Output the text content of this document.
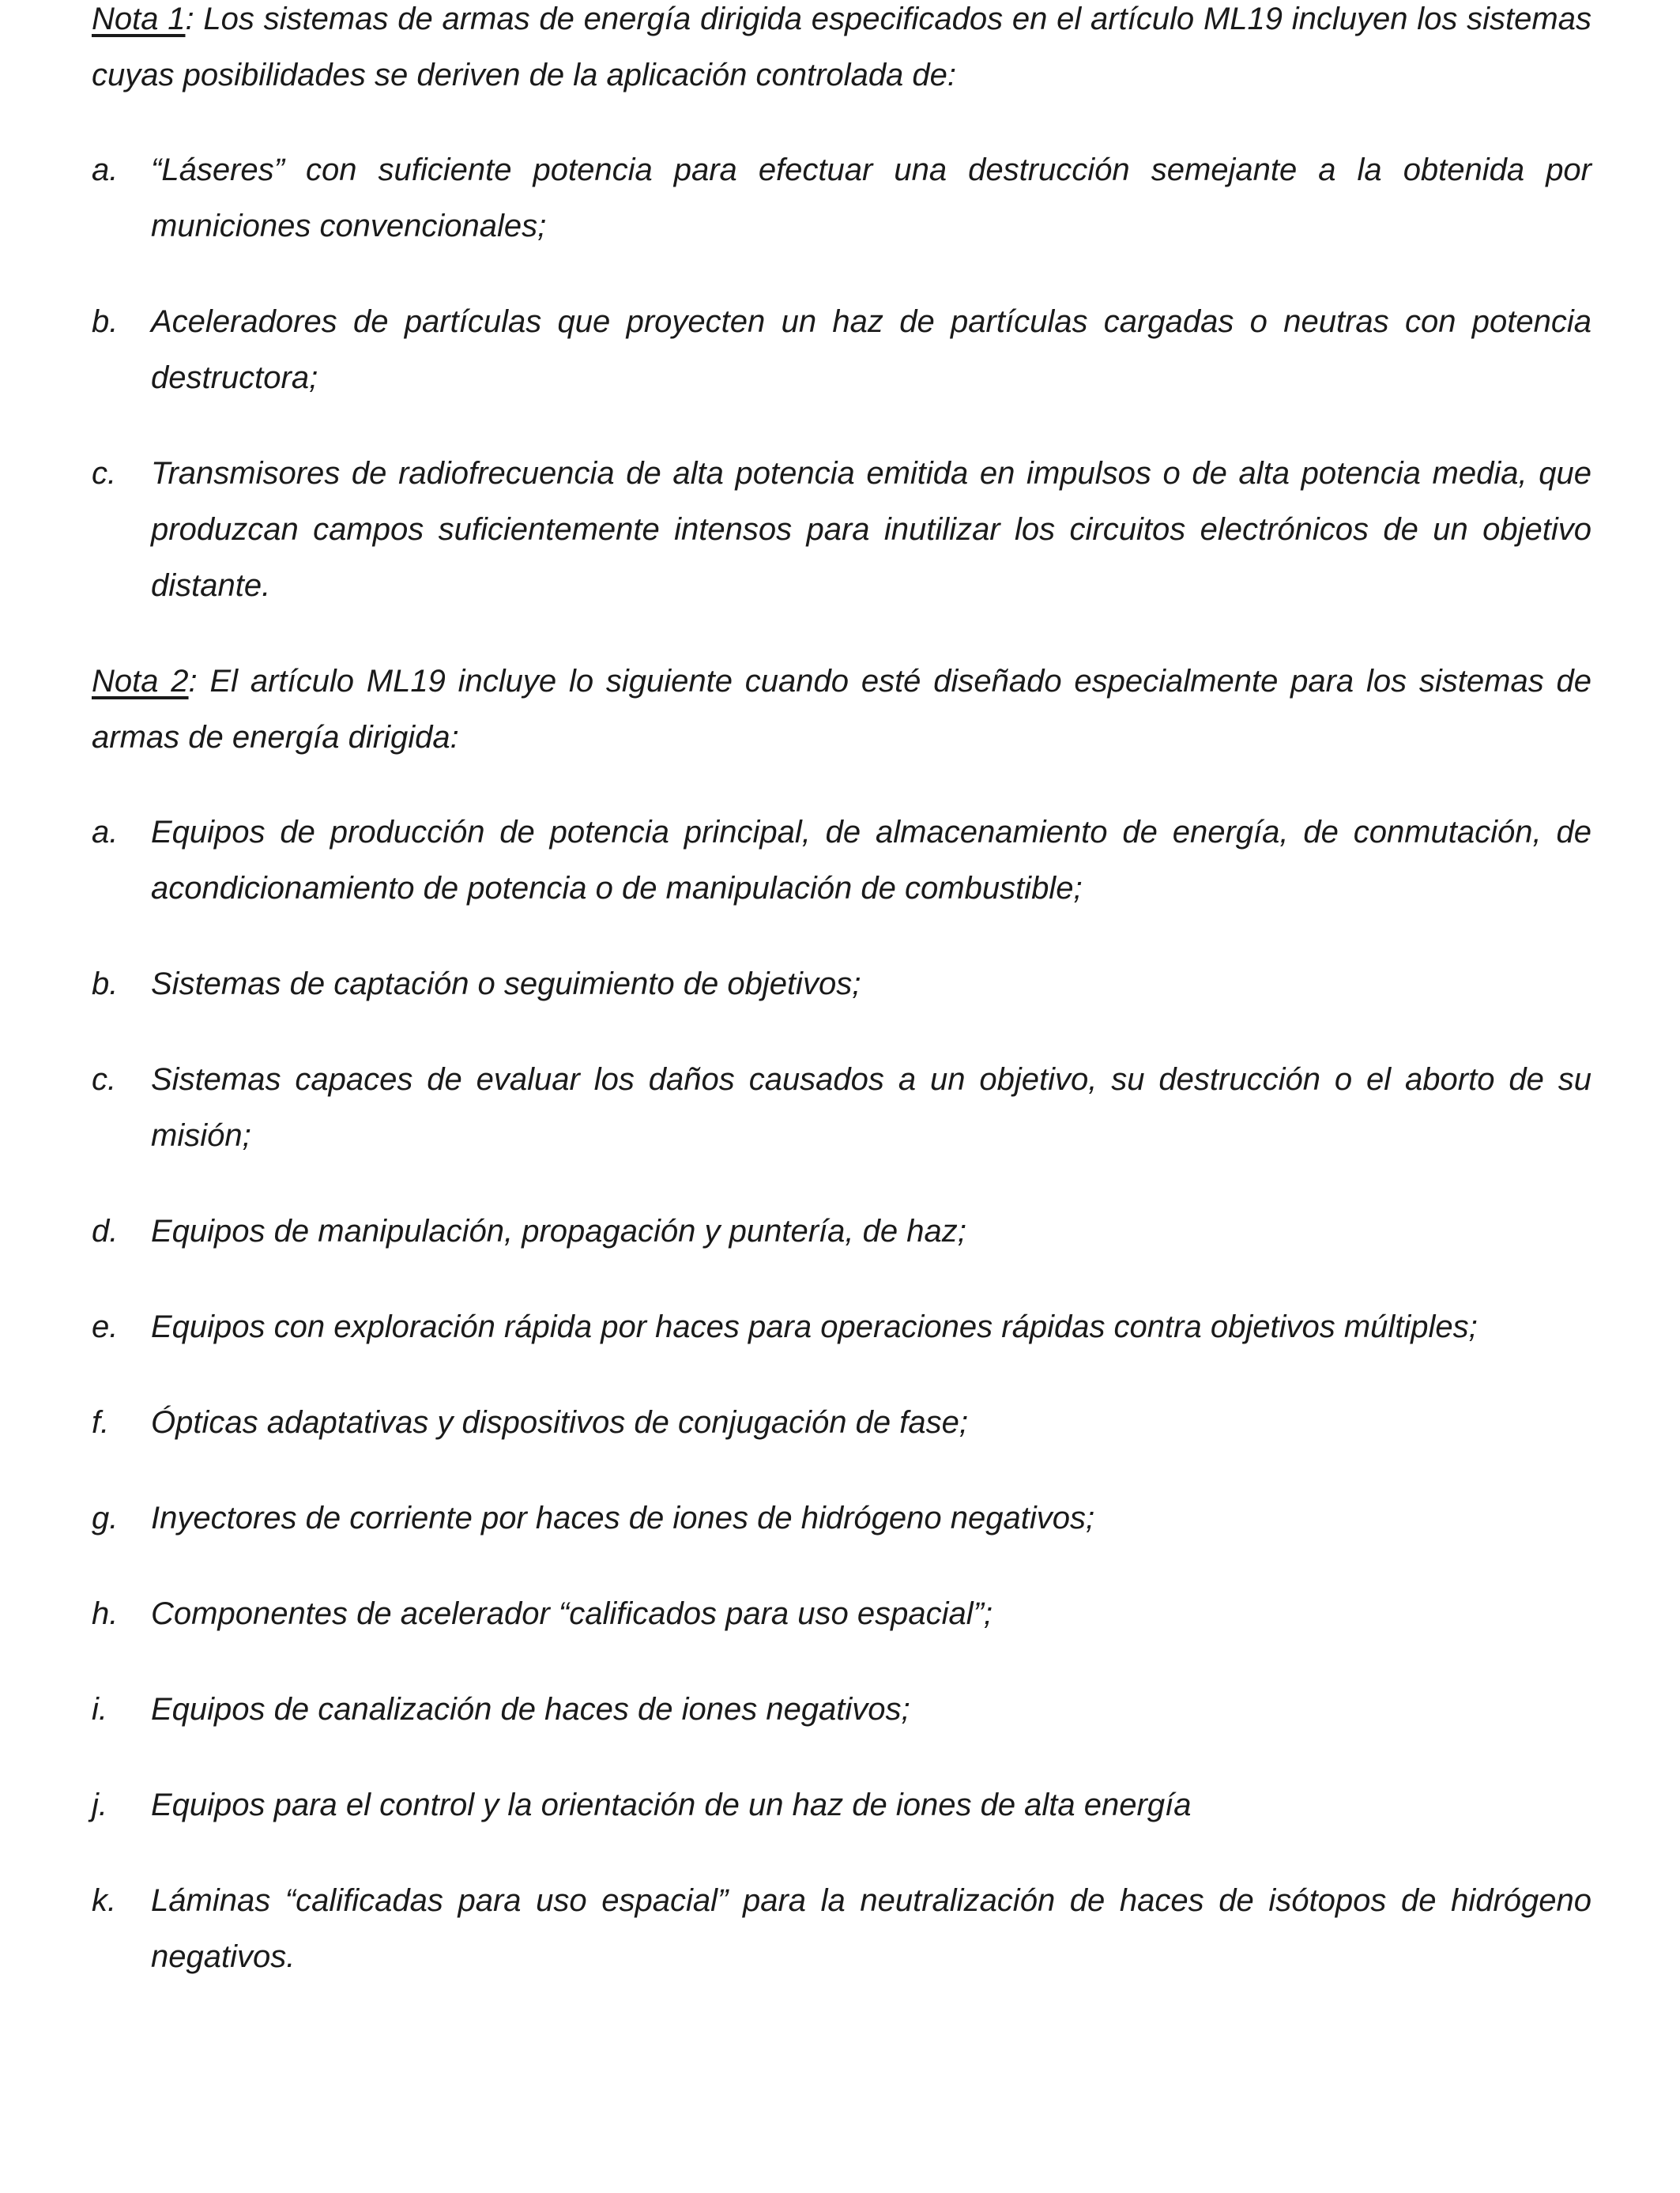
Nota 1: Los sistemas de armas de energía dirigida especificados en el artículo ML19 incluyen los sistemas cuyas posibilidades se deriven de la aplicación controlada de:

a.	“Láseres” con suficiente potencia para efectuar una destrucción semejante a la obtenida por municiones convencionales;
b.	Aceleradores de partículas que proyecten un haz de partículas cargadas o neutras con potencia destructora;
c.	Transmisores de radiofrecuencia de alta potencia emitida en impulsos o de alta potencia media, que produzcan campos suficientemente intensos para inutilizar los circuitos electrónicos de un objetivo distante.

Nota 2: El artículo ML19 incluye lo siguiente cuando esté diseñado especialmente para los sistemas de armas de energía dirigida:

a.	Equipos de producción de potencia principal, de almacenamiento de energía, de conmutación, de acondicionamiento de potencia o de manipulación de combustible;
b.	Sistemas de captación o seguimiento de objetivos;
c.	Sistemas capaces de evaluar los daños causados a un objetivo, su destrucción o el aborto de su misión;
d.	Equipos de manipulación, propagación y puntería, de haz;
e.	Equipos con exploración rápida por haces para operaciones rápidas contra objetivos múltiples;
f.	Ópticas adaptativas y dispositivos de conjugación de fase;
g.	Inyectores de corriente por haces de iones de hidrógeno negativos;
h.	Componentes de acelerador “calificados para uso espacial”;
i.	Equipos de canalización de haces de iones negativos;
j.	Equipos para el control y la orientación de un haz de iones de alta energía
k.	Láminas “calificadas para uso espacial” para la neutralización de haces de isótopos de hidrógeno negativos.
